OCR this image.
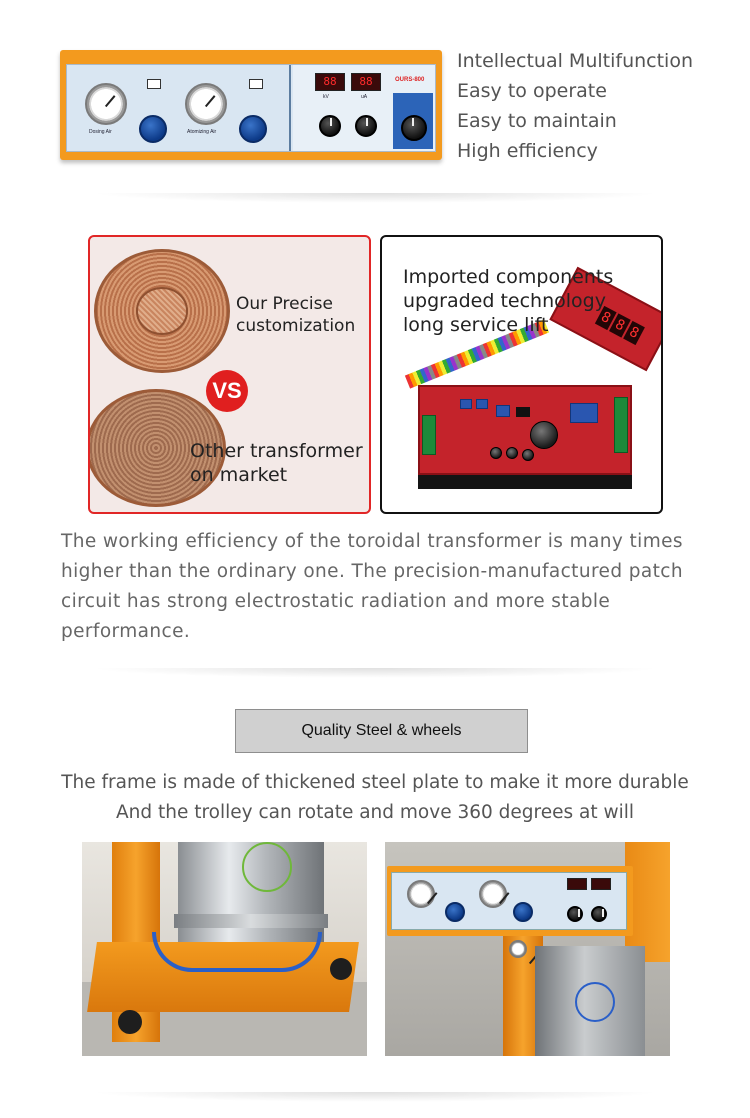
Dosing Air	Atomizing Air
88	88
kV	uA
OURS-800
Intellectual Multifunction
Easy to operate
Easy to maintain
High efficiency
Our Precise
customization
VS
Other transformer
on market
8 8 8
Imported components
upgraded technology
long service lift
The working efficiency of the toroidal transformer is many times higher than the ordinary one. The precision-manufactured patch circuit has strong electrostatic radiation and more stable performance.
Quality Steel & wheels
The frame is made of thickened steel plate to make it more durable
And the trolley can rotate and move 360 degrees at will
